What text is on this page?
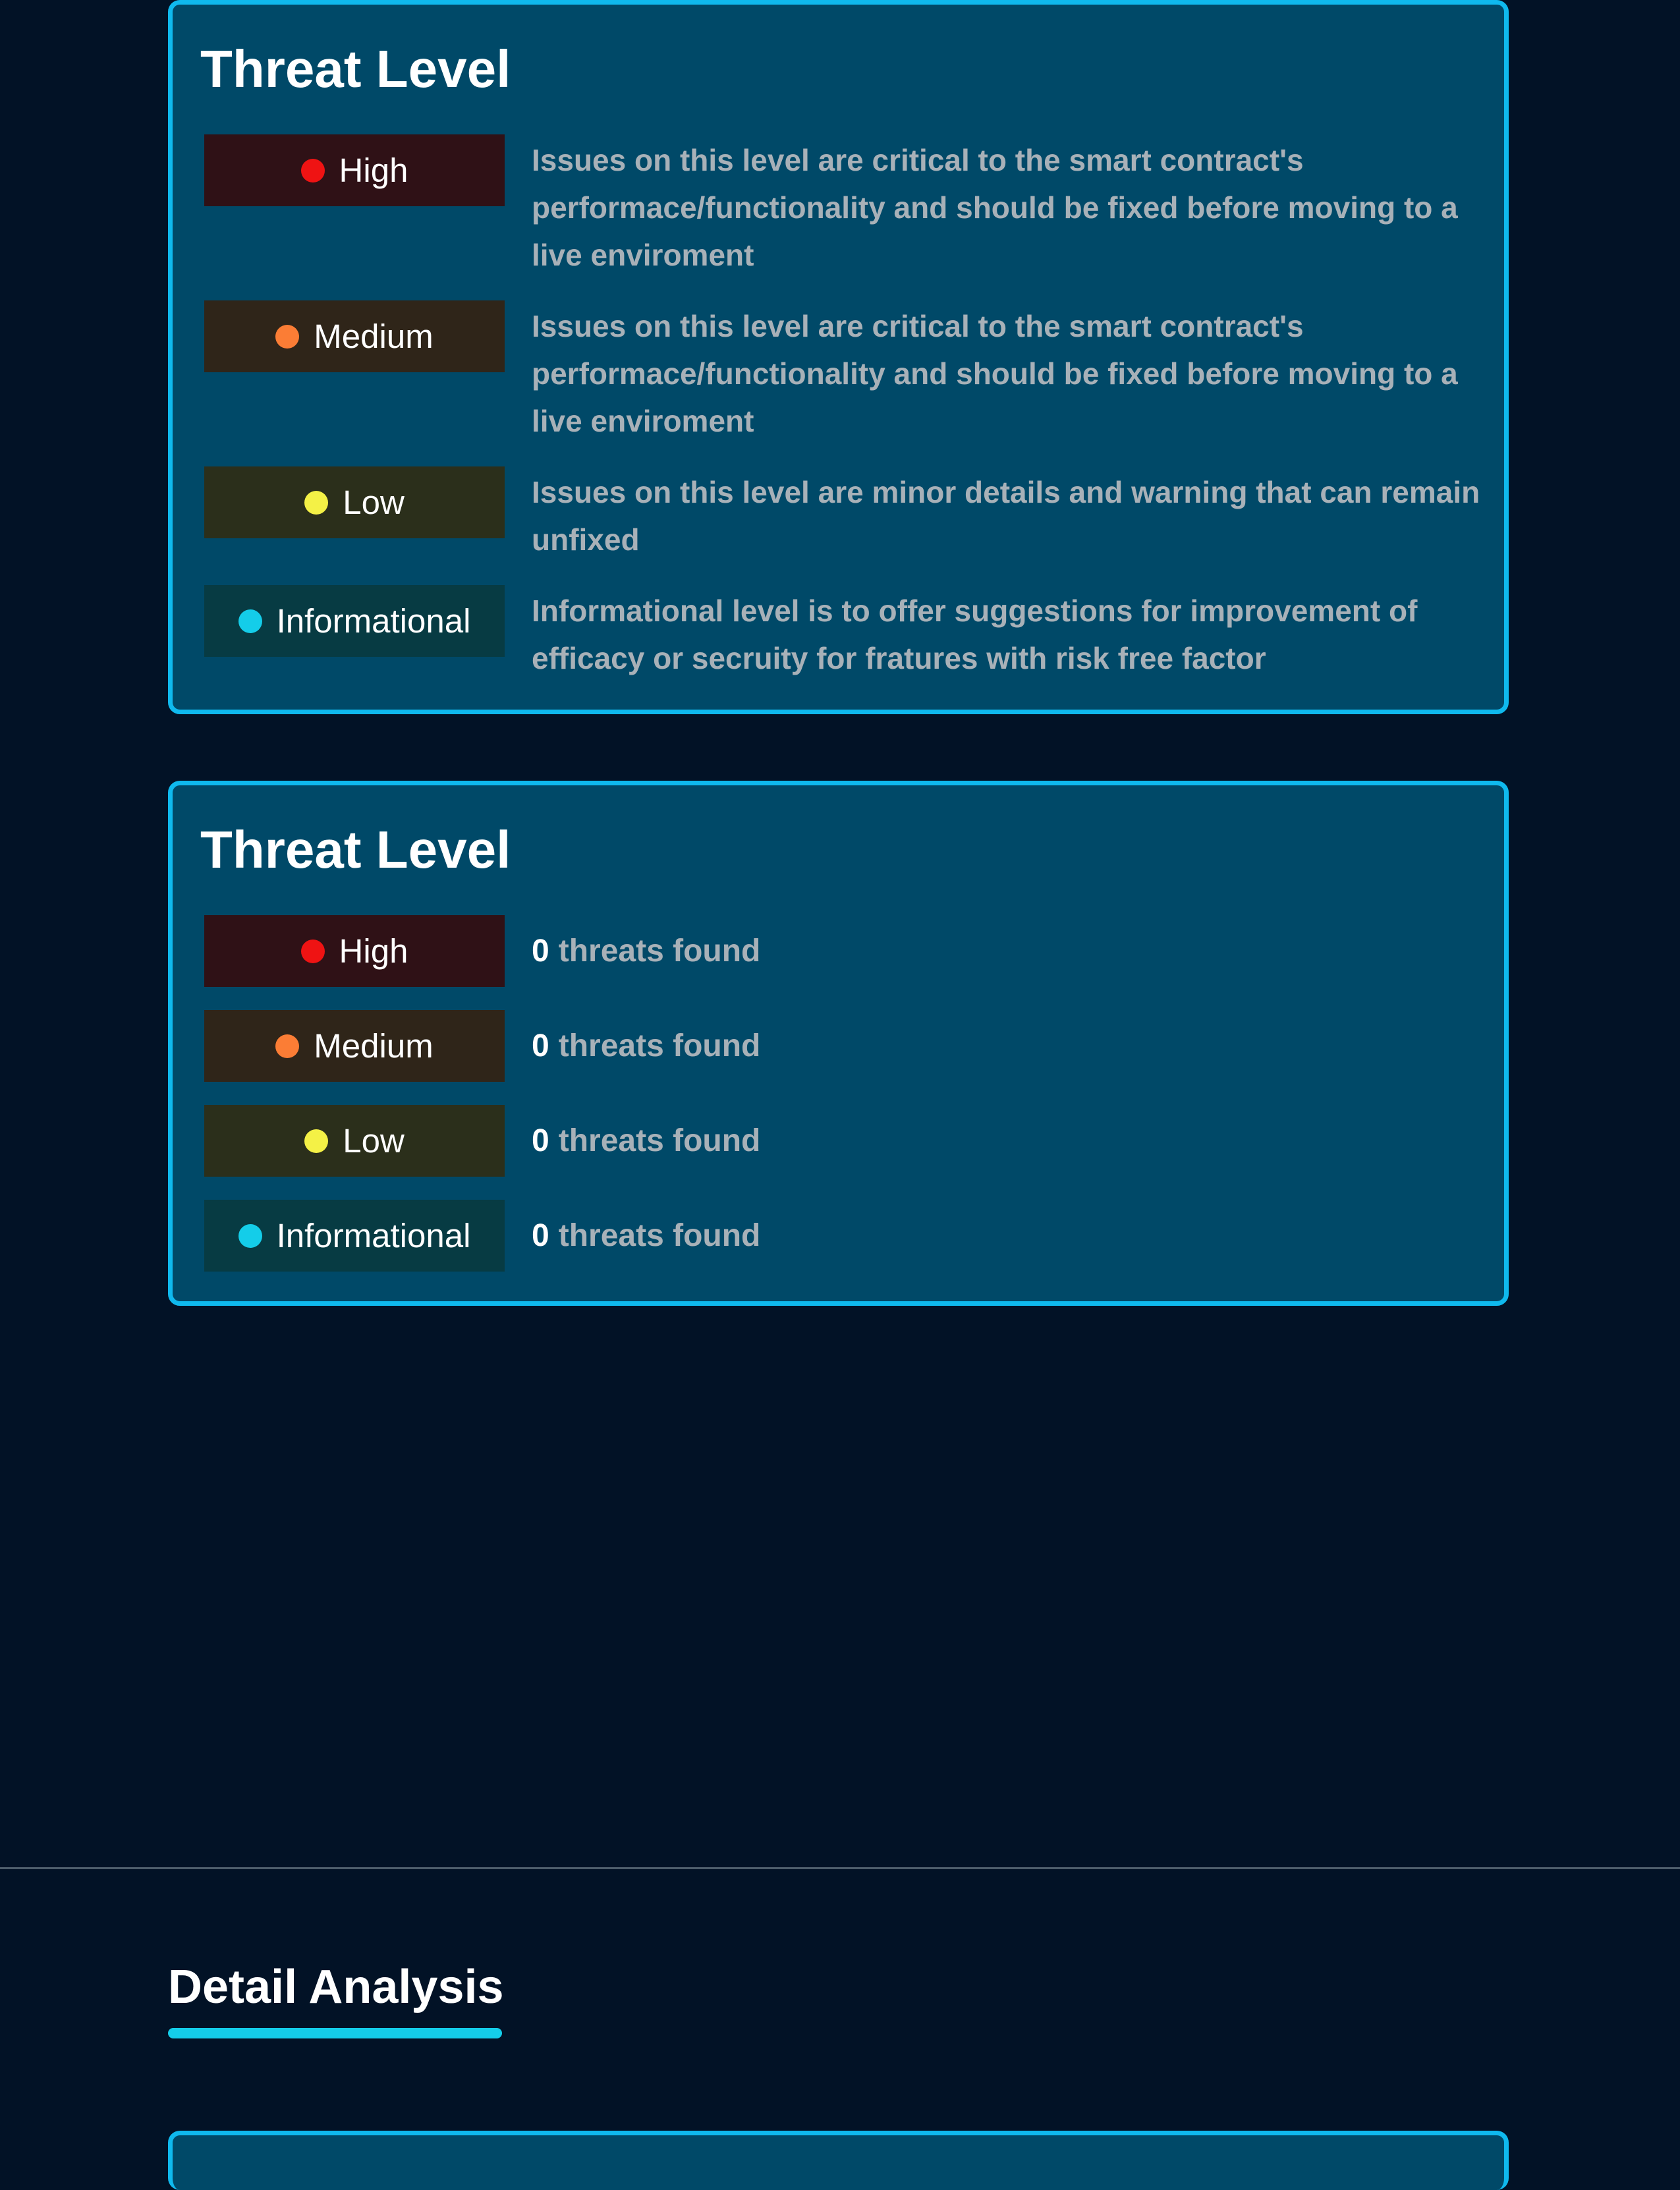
Threat Level
High	Issues on this level are critical to the smart contract's performace/functionality and should be fixed before moving to a live enviroment
Medium	Issues on this level are critical to the smart contract's performace/functionality and should be fixed before moving to a live enviroment
Low	Issues on this level are minor details and warning that can remain unfixed
Informational Informational level is to offer suggestions for improvement of efficacy or secruity for fratures with risk free factor
Threat Level
High	0 threats found
Medium	0 threats found
Low	0 threats found
Informational 0 threats found
Detail Analysis
